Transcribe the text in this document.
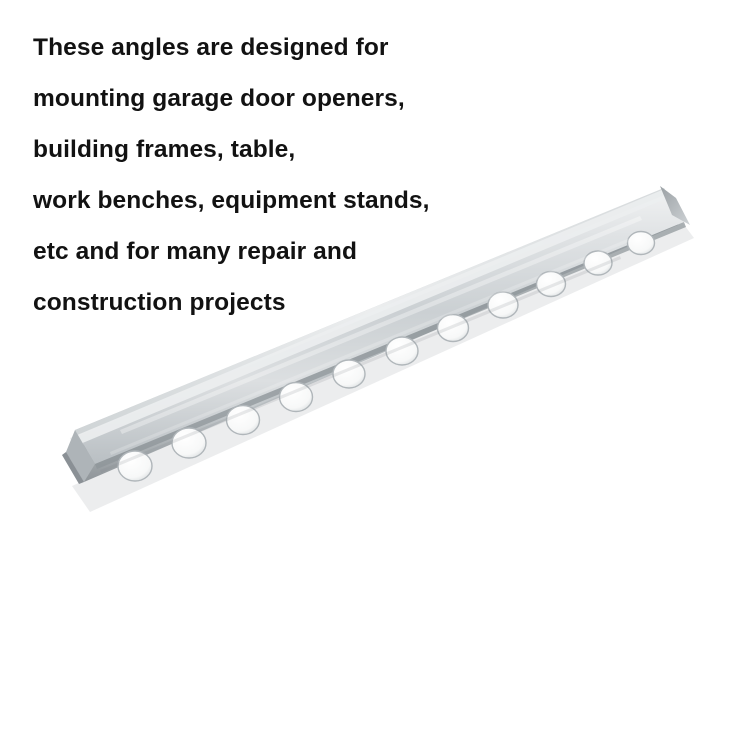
These angles are designed for
mounting garage door openers,
building frames, table,
work benches, equipment stands,
etc and for many repair and
construction projects
